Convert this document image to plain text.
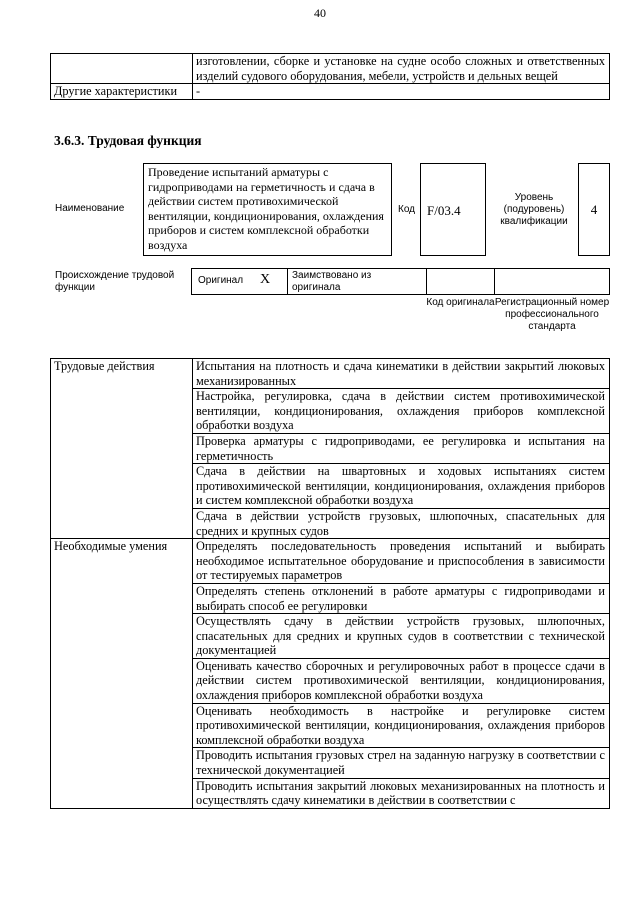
40
	изготовлении, сборке и установке на судне особо сложных и ответственных изделий судового оборудования, мебели, устройств и дельных вещей
Другие характеристики	-
3.6.3. Трудовая функция
Наименование
Проведение испытаний арматуры с гидроприводами на герметичность и сдача в действии систем противохимической вентиляции, кондиционирования, охлаждения приборов и систем комплексной обработки воздуха
Код F/03.4
Уровень (подуровень) квалификации
4
Происхождение трудовой функции
Оригинал X	Заимствовано из оригинала
Код оригинала Регистрационный номер профессионального стандарта
Трудовые действия	Испытания на плотность и сдача кинематики в действии закрытий люковых механизированных
	Настройка, регулировка, сдача в действии систем противохимической вентиляции, кондиционирования, охлаждения приборов комплексной обработки воздуха
	Проверка арматуры с гидроприводами, ее регулировка и испытания на герметичность
	Сдача в действии на швартовных и ходовых испытаниях систем противохимической вентиляции, кондиционирования, охлаждения приборов и систем комплексной обработки воздуха
	Сдача в действии устройств грузовых, шлюпочных, спасательных для средних и крупных судов
Необходимые умения	Определять последовательность проведения испытаний и выбирать необходимое испытательное оборудование и приспособления в зависимости от тестируемых параметров
	Определять степень отклонений в работе арматуры с гидроприводами и выбирать способ ее регулировки
	Осуществлять сдачу в действии устройств грузовых, шлюпочных, спасательных для средних и крупных судов в соответствии с технической документацией
	Оценивать качество сборочных и регулировочных работ в процессе сдачи в действии систем противохимической вентиляции, кондиционирования, охлаждения приборов комплексной обработки воздуха
	Оценивать необходимость в настройке и регулировке систем противохимической вентиляции, кондиционирования, охлаждения приборов комплексной обработки воздуха
	Проводить испытания грузовых стрел на заданную нагрузку в соответствии с технической документацией
	Проводить испытания закрытий люковых механизированных на плотность и осуществлять сдачу кинематики в действии в соответствии с
